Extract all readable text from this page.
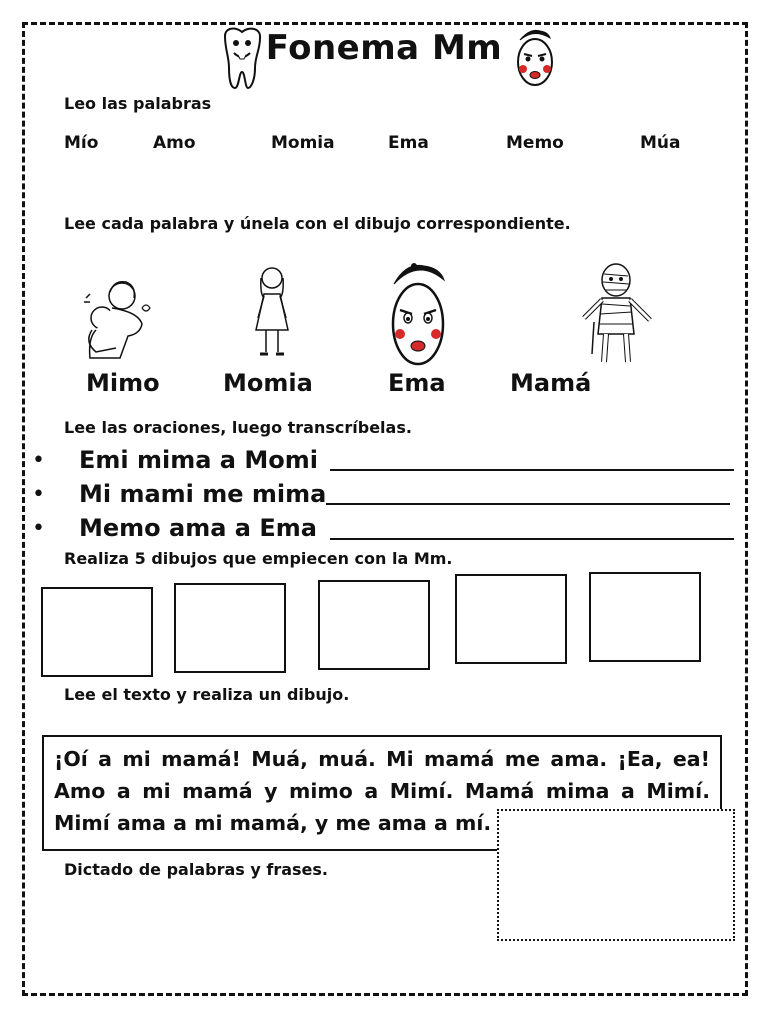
Fonema Mm
Leo las palabras
Mío	Amo	Momia	Ema	Memo	Múa
Lee cada palabra y únela con el dibujo correspondiente.
Mimo	Momia	Ema	Mamá
Lee las oraciones, luego transcríbelas.
• Emi mima a Momi
• Mi mami me mima
• Memo ama a Ema
Realiza 5 dibujos que empiecen con la Mm.
Lee el texto y realiza un dibujo.
¡Oí a mi mamá! Muá, muá. Mi mamá me ama. ¡Ea, ea! Amo a mi mamá y mimo a Mimí. Mamá mima a Mimí. Mimí ama a mi mamá, y me ama a mí.
Dictado de palabras y frases.
